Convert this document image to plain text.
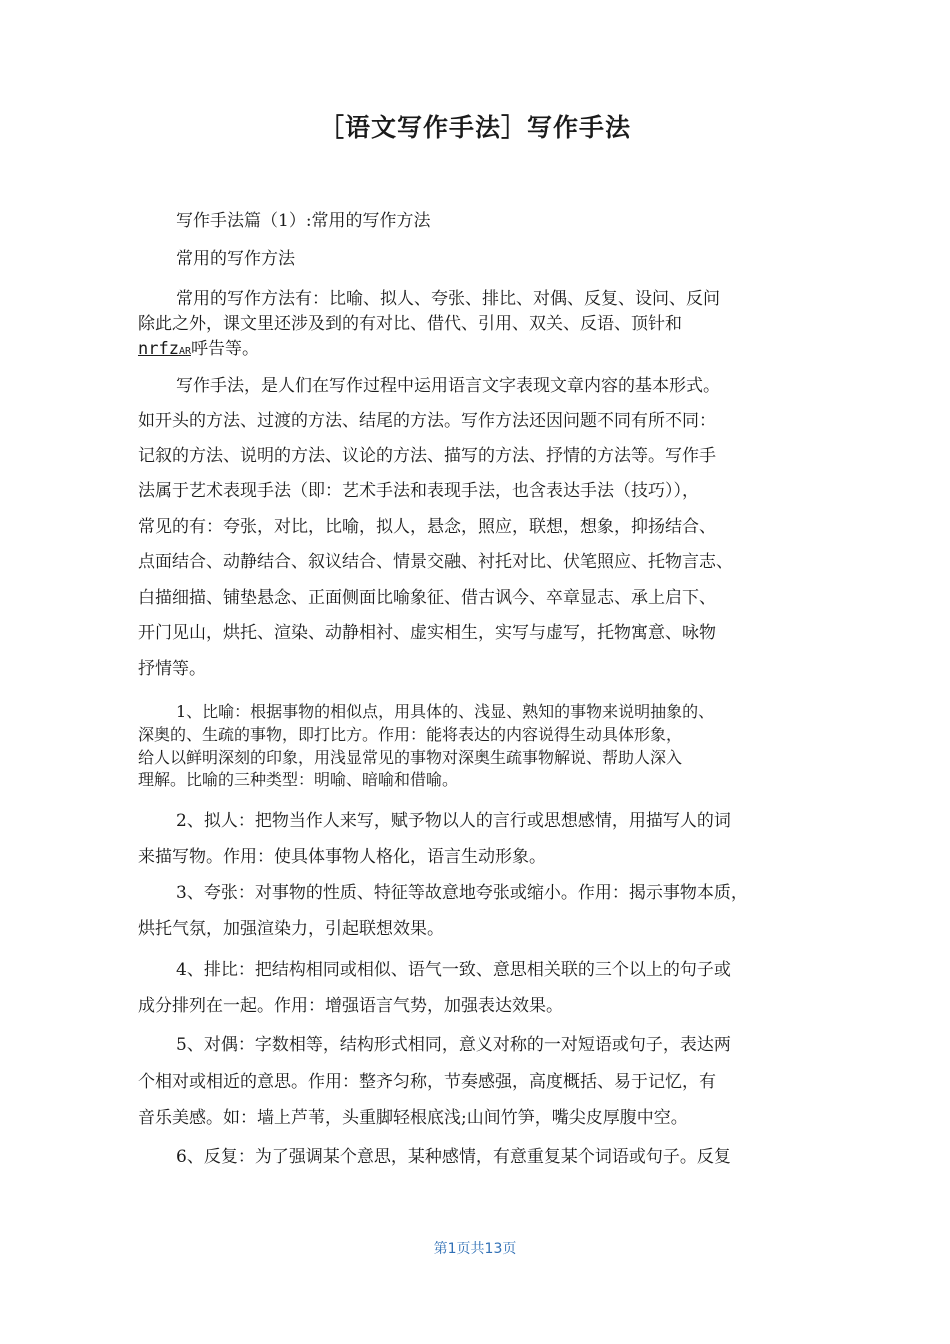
［语文写作手法］写作手法
写作手法篇（1）:常用的写作方法
常用的写作方法
常用的写作方法有：比喻、拟人、夸张、排比、对偶、反复、设问、反问
除此之外，课文里还涉及到的有对比、借代、引用、双关、反语、顶针和
nrfzAR呼告等。
写作手法，是人们在写作过程中运用语言文字表现文章内容的基本形式。
如开头的方法、过渡的方法、结尾的方法。写作方法还因问题不同有所不同：
记叙的方法、说明的方法、议论的方法、描写的方法、抒情的方法等。写作手
法属于艺术表现手法（即：艺术手法和表现手法，也含表达手法（技巧）），
常见的有：夸张，对比，比喻，拟人，悬念，照应，联想，想象，抑扬结合、
点面结合、动静结合、叙议结合、情景交融、衬托对比、伏笔照应、托物言志、
白描细描、铺垫悬念、正面侧面比喻象征、借古讽今、卒章显志、承上启下、
开门见山，烘托、渲染、动静相衬、虚实相生，实写与虚写，托物寓意、咏物
抒情等。
1、比喻：根据事物的相似点，用具体的、浅显、熟知的事物来说明抽象的、
深奥的、生疏的事物，即打比方。作用：能将表达的内容说得生动具体形象，
给人以鲜明深刻的印象，用浅显常见的事物对深奥生疏事物解说、帮助人深入
理解。比喻的三种类型：明喻、暗喻和借喻。
2、拟人：把物当作人来写，赋予物以人的言行或思想感情，用描写人的词
来描写物。作用：使具体事物人格化，语言生动形象。
3、夸张：对事物的性质、特征等故意地夸张或缩小。作用：揭示事物本质，
烘托气氛，加强渲染力，引起联想效果。
4、排比：把结构相同或相似、语气一致、意思相关联的三个以上的句子或
成分排列在一起。作用：增强语言气势，加强表达效果。
5、对偶：字数相等，结构形式相同，意义对称的一对短语或句子，表达两
个相对或相近的意思。作用：整齐匀称，节奏感强，高度概括、易于记忆，有
音乐美感。如：墙上芦苇，头重脚轻根底浅;山间竹笋，嘴尖皮厚腹中空。
6、反复：为了强调某个意思，某种感情，有意重复某个词语或句子。反复
第1页共13页
